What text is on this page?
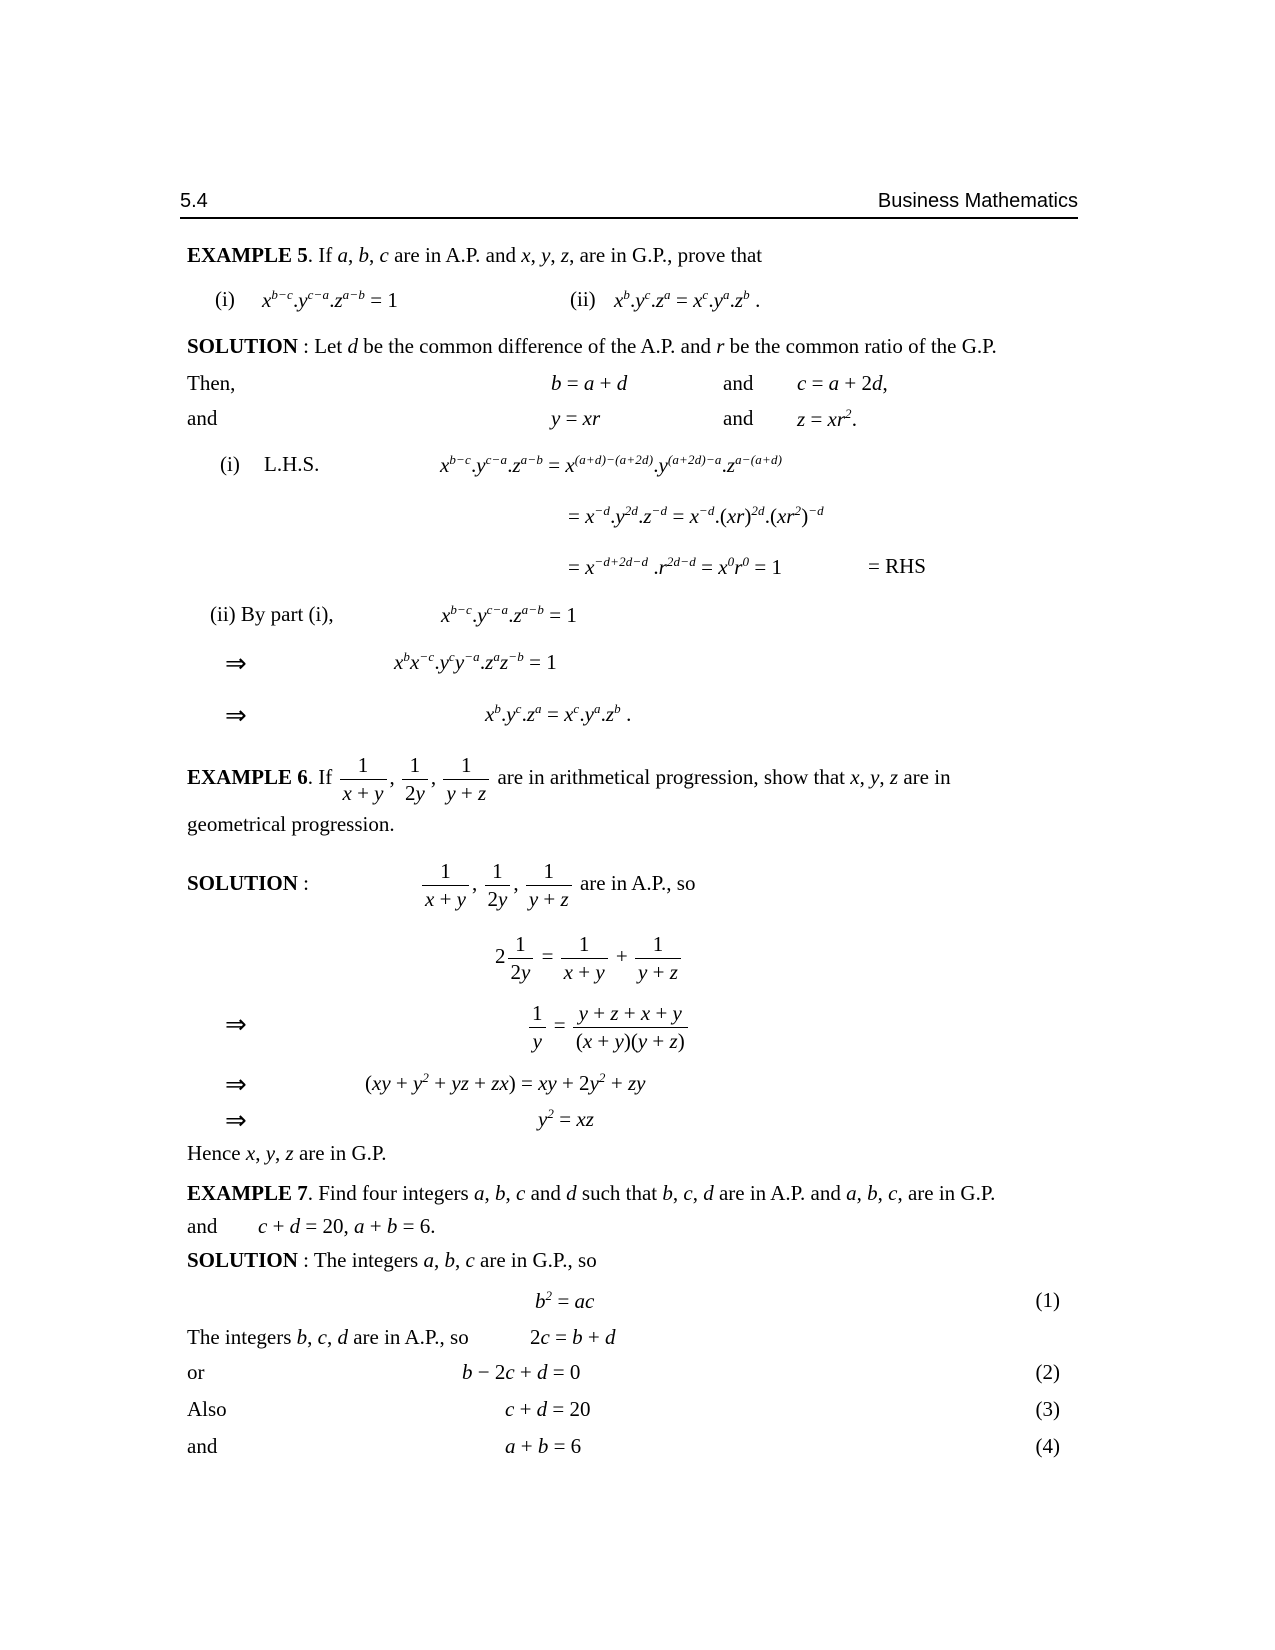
5.4	Business Mathematics
EXAMPLE 5. If a, b, c are in A.P. and x, y, z, are in G.P., prove that
(i) $x^{b-c}.y^{c-a}.z^{a-b} = 1$	(ii) $x^b.y^c.z^a = x^c.y^a.z^b$ .
SOLUTION : Let d be the common difference of the A.P. and r be the common ratio of the G.P.
Then,	b = a + d	and c = a + 2d,
and	y = xr	and $z = xr^2$.
(i) L.H.S.	$x^{b-c}.y^{c-a}.z^{a-b} = x^{(a+d)-(a+2d)}.y^{(a+2d)-a}.z^{a-(a+d)}$
= $x^{-d}.y^{2d}.z^{-d} = x^{-d}.(xr)^{2d}.(xr^2)^{-d}$
= $x^{-d+2d-d}$ $.r^{2d-d} = x^0r^0 = 1$	= RHS
(ii) By part (i),	$x^{b-c}.y^{c-a}.z^{a-b} = 1$
⇒	$x^bx^{-c}.y^cy^{-a}.z^az^{-b} = 1$
⇒	$x^b.y^c.z^a = x^c.y^a.z^b$ .
EXAMPLE 6. If $\frac{1}{x + y}$ , $\frac{1}{2y}$ , $\frac{1}{y + z}$ are in arithmetical progression, show that x, y, z are in
geometrical progression.
SOLUTION :	$\frac{1}{x + y}$ , $\frac{1}{2y}$ , $\frac{1}{y + z}$ are in A.P., so
$2 \frac{1}{2y} = \frac{1}{x + y} + \frac{1}{y + z}$
⇒	$\frac{1}{y} = \frac{y + z + x + y}{(x + y)(y + z)}$
⇒	($xy + y^2$ + yz + zx) = xy + $2y^2$ + zy
⇒	$y^2$ = xz
Hence x, y, z are in G.P.
EXAMPLE 7. Find four integers a, b, c and d such that b, c, d are in A.P. and a, b, c, are in G.P.
and c + d = 20, a + b = 6.
SOLUTION : The integers a, b, c are in G.P., so
$b^2$ = ac	(1)
The integers b, c, d are in A.P., so	2c = b + d
or	b − 2c + d = 0	(2)
Also	c + d = 20	(3)
and	a + b = 6	(4)
